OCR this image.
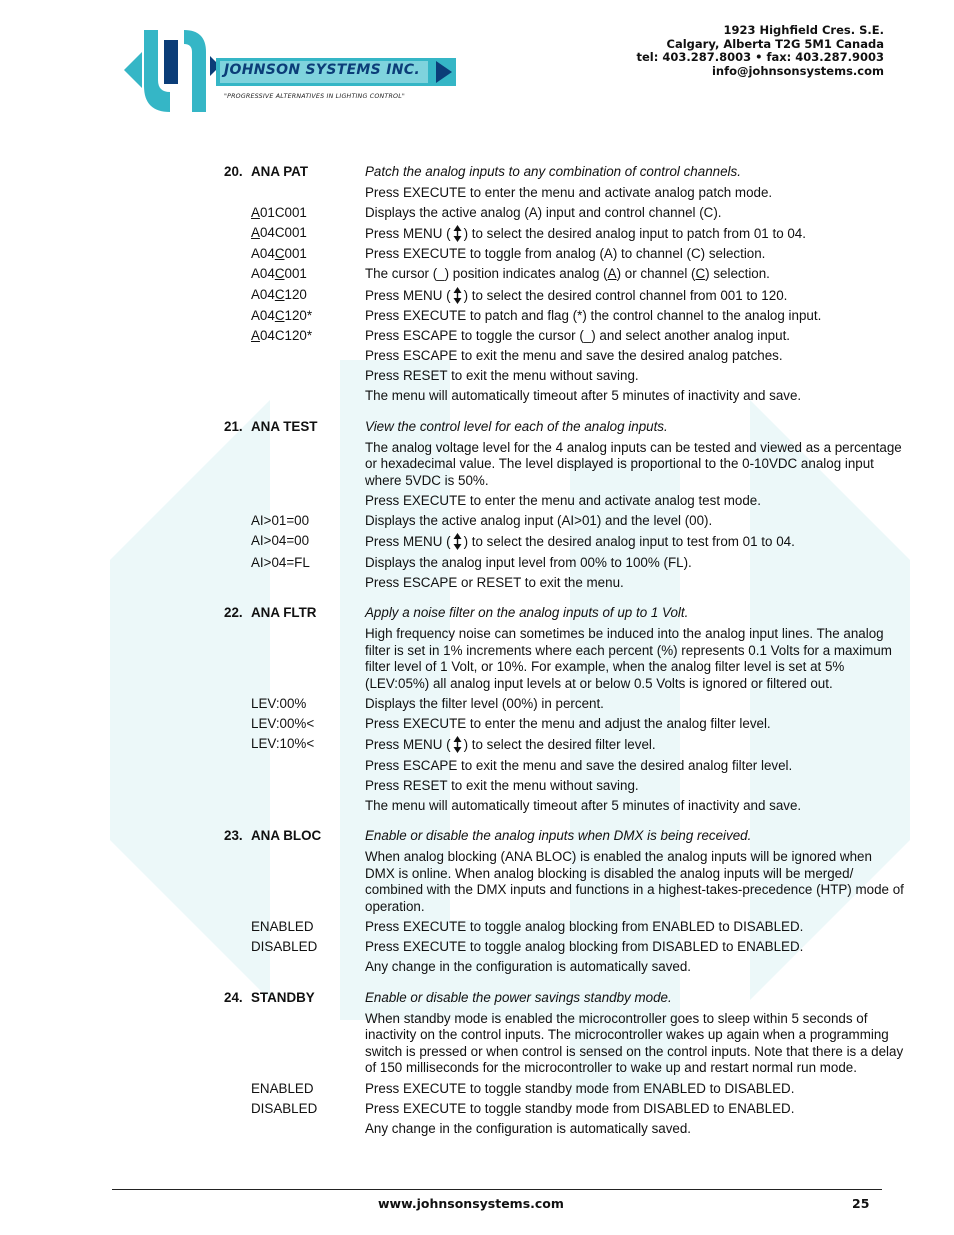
JOHNSON SYSTEMS INC.
"PROGRESSIVE ALTERNATIVES IN LIGHTING CONTROL"
1923 Highfield Cres. S.E.
Calgary, Alberta T2G 5M1 Canada
tel: 403.287.8003 • fax: 403.287.9003
info@johnsonsystems.com
20. ANA PAT	Patch the analog inputs to any combination of control channels.
Press EXECUTE to enter the menu and activate analog patch mode.
A01C001	Displays the active analog (A) input and control channel (C).
A04C001	Press MENU ( ) to select the desired analog input to patch from 01 to 04.
A04C001	Press EXECUTE to toggle from analog (A) to channel (C) selection.
A04C001	The cursor (_) position indicates analog (A) or channel (C) selection.
A04C120	Press MENU ( ) to select the desired control channel from 001 to 120.
A04C120*	Press EXECUTE to patch and flag (*) the control channel to the analog input.
A04C120*	Press ESCAPE to toggle the cursor (_) and select another analog input.
Press ESCAPE to exit the menu and save the desired analog patches.
Press RESET to exit the menu without saving.
The menu will automatically timeout after 5 minutes of inactivity and save.
21. ANA TEST	View the control level for each of the analog inputs.
The analog voltage level for the 4 analog inputs can be tested and viewed as a percentage or hexadecimal value. The level displayed is proportional to the 0-10VDC analog input where 5VDC is 50%.
Press EXECUTE to enter the menu and activate analog test mode.
AI>01=00	Displays the active analog input (AI>01) and the level (00).
AI>04=00	Press MENU ( ) to select the desired analog input to test from 01 to 04.
AI>04=FL	Displays the analog input level from 00% to 100% (FL).
Press ESCAPE or RESET to exit the menu.
22. ANA FLTR	Apply a noise filter on the analog inputs of up to 1 Volt.
High frequency noise can sometimes be induced into the analog input lines. The analog filter is set in 1% increments where each percent (%) represents 0.1 Volts for a maximum filter level of 1 Volt, or 10%. For example, when the analog filter level is set at 5% (LEV:05%) all analog input levels at or below 0.5 Volts is ignored or filtered out.
LEV:00%	Displays the filter level (00%) in percent.
LEV:00%<	Press EXECUTE to enter the menu and adjust the analog filter level.
LEV:10%<	Press MENU ( ) to select the desired filter level.
Press ESCAPE to exit the menu and save the desired analog filter level.
Press RESET to exit the menu without saving.
The menu will automatically timeout after 5 minutes of inactivity and save.
23. ANA BLOC	Enable or disable the analog inputs when DMX is being received.
When analog blocking (ANA BLOC) is enabled the analog inputs will be ignored when DMX is online. When analog blocking is disabled the analog inputs will be merged/ combined with the DMX inputs and functions in a highest-takes-precedence (HTP) mode of operation.
ENABLED	Press EXECUTE to toggle analog blocking from ENABLED to DISABLED.
DISABLED	Press EXECUTE to toggle analog blocking from DISABLED to ENABLED.
Any change in the configuration is automatically saved.
24. STANDBY	Enable or disable the power savings standby mode.
When standby mode is enabled the microcontroller goes to sleep within 5 seconds of inactivity on the control inputs. The microcontroller wakes up again when a programming switch is pressed or when control is sensed on the control inputs. Note that there is a delay of 150 milliseconds for the microcontroller to wake up and restart normal run mode.
ENABLED	Press EXECUTE to toggle standby mode from ENABLED to DISABLED.
DISABLED	Press EXECUTE to toggle standby mode from DISABLED to ENABLED.
Any change in the configuration is automatically saved.
www.johnsonsystems.com	25
